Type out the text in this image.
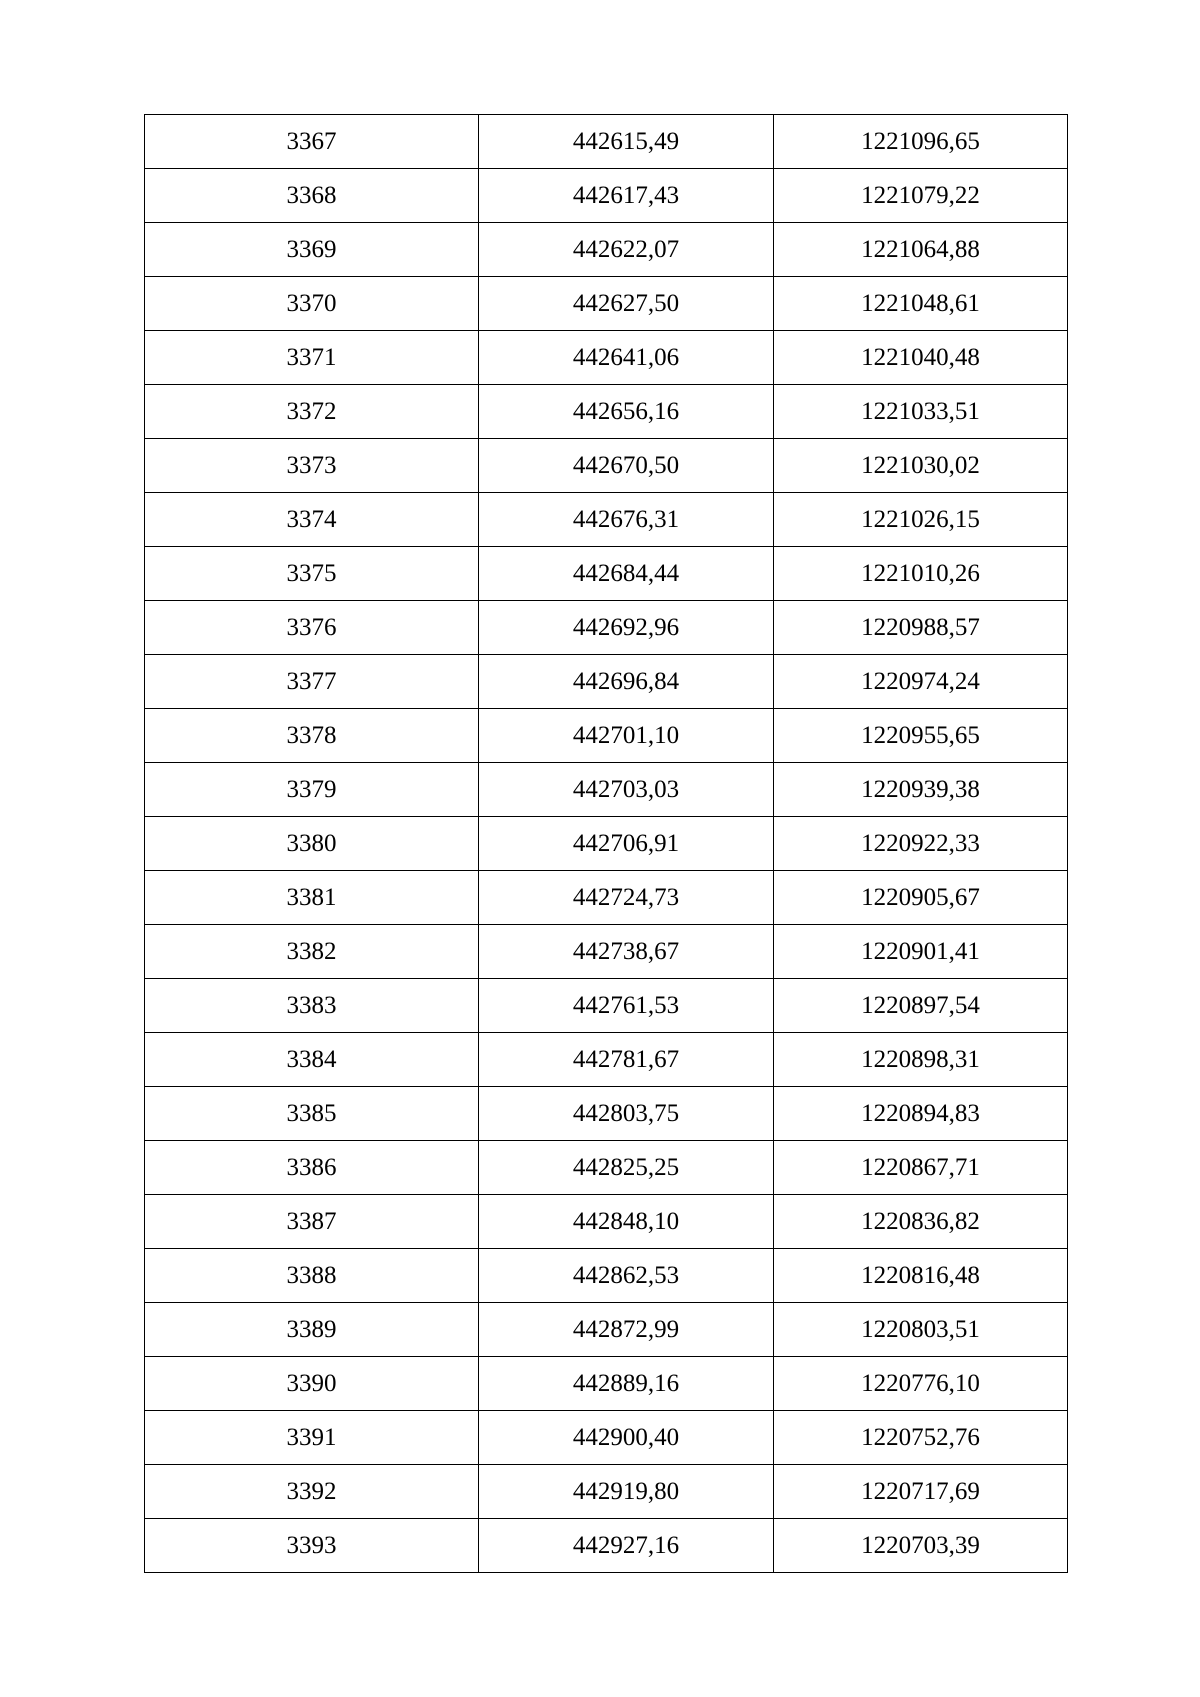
3367	442615,49	1221096,65
3368	442617,43	1221079,22
3369	442622,07	1221064,88
3370	442627,50	1221048,61
3371	442641,06	1221040,48
3372	442656,16	1221033,51
3373	442670,50	1221030,02
3374	442676,31	1221026,15
3375	442684,44	1221010,26
3376	442692,96	1220988,57
3377	442696,84	1220974,24
3378	442701,10	1220955,65
3379	442703,03	1220939,38
3380	442706,91	1220922,33
3381	442724,73	1220905,67
3382	442738,67	1220901,41
3383	442761,53	1220897,54
3384	442781,67	1220898,31
3385	442803,75	1220894,83
3386	442825,25	1220867,71
3387	442848,10	1220836,82
3388	442862,53	1220816,48
3389	442872,99	1220803,51
3390	442889,16	1220776,10
3391	442900,40	1220752,76
3392	442919,80	1220717,69
3393	442927,16	1220703,39
